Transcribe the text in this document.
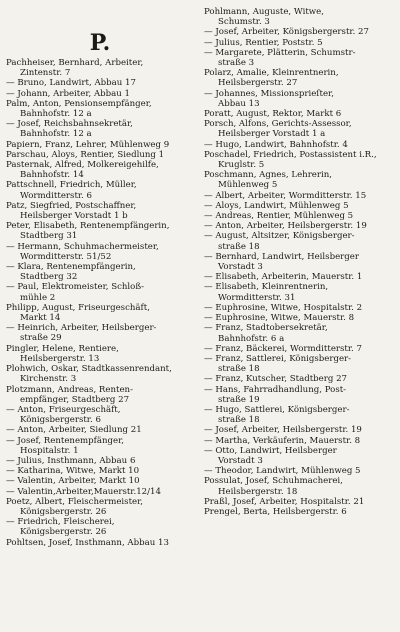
P.
Pachheiser, Bernhard, Arbeiter,
Zintenstr. 7
— Bruno, Landwirt, Abbau 17
— Johann, Arbeiter, Abbau 1
Palm, Anton, Pensionsempfänger,
Bahnhofstr. 12 a
— Josef, Reichsbahnsekretär,
Bahnhofstr. 12 a
Papiern, Franz, Lehrer, Mühlenweg 9
Parschau, Aloys, Rentier, Siedlung 1
Pasternak, Alfred, Molkereigehilfe,
Bahnhofstr. 14
Pattschnell, Friedrich, Müller,
Wormditterstr. 6
Patz, Siegfried, Postschaffner,
Heilsberger Vorstadt 1 b
Peter, Elisabeth, Rentenempfängerin,
Stadtberg 31
— Hermann, Schuhmachermeister,
Wormditterstr. 51/52
— Klara, Rentenempfängerin,
Stadtberg 32
— Paul, Elektromeister, Schloß-
mühle 2
Philipp, August, Friseurgeschäft,
Markt 14
— Heinrich, Arbeiter, Heilsberger-
straße 29
Pingler, Helene, Rentiere,
Heilsbergerstr. 13
Plohwich, Oskar, Stadtkassenrendant,
Kirchenstr. 3
Plotzmann, Andreas, Renten-
empfänger, Stadtberg 27
— Anton, Friseurgeschäft,
Königsbergerstr. 6
— Anton, Arbeiter, Siedlung 21
— Josef, Rentenempfänger,
Hospitalstr. 1
— Julius, Insthmann, Abbau 6
— Katharina, Witwe, Markt 10
— Valentin, Arbeiter, Markt 10
— Valentin,Arbeiter,Mauerstr.12/14
Poetz, Albert, Fleischermeister,
Königsbergerstr. 26
— Friedrich, Fleischerei,
Königsbergerstr. 26
Pohltsen, Josef, Insthmann, Abbau 13
Pohlmann, Auguste, Witwe,
Schumstr. 3
— Josef, Arbeiter, Königsbergerstr. 27
— Julius, Rentier, Poststr. 5
— Margarete, Plätterin, Schumstr-
straße 3
Polarz, Amalie, Kleinrentnerin,
Heilsbergerstr. 27
— Johannes, Missionsprieſter,
Abbau 13
Poratt, August, Rektor, Markt 6
Porsch, Alfons, Gerichts-Assessor,
Heilsberger Vorstadt 1 a
— Hugo, Landwirt, Bahnhofstr. 4
Poschadel, Friedrich, Postassistent i.R.,
Kruglstr. 5
Poschmann, Agnes, Lehrerin,
Mühlenweg 5
— Albert, Arbeiter, Wormditterstr. 15
— Aloys, Landwirt, Mühlenweg 5
— Andreas, Rentier, Mühlenweg 5
— Anton, Arbeiter, Heilsbergerstr. 19
— August, Altsitzer, Königsberger-
straße 18
— Bernhard, Landwirt, Heilsberger
Vorstadt 3
— Elisabeth, Arbeiterin, Mauerstr. 1
— Elisabeth, Kleinrentnerin,
Wormditterstr. 31
— Euphrosine, Witwe, Hospitalstr. 2
— Euphrosine, Witwe, Mauerstr. 8
— Franz, Stadtobersekretär,
Bahnhofstr. 6 a
— Franz, Bäckerei, Wormditterstr. 7
— Franz, Sattlerei, Königsberger-
straße 18
— Franz, Kutscher, Stadtberg 27
— Hans, Fahrradhandlung, Post-
straße 19
— Hugo, Sattlerei, Königsberger-
straße 18
— Josef, Arbeiter, Heilsbergerstr. 19
— Martha, Verkäuferin, Mauerstr. 8
— Otto, Landwirt, Heilsberger
Vorstadt 3
— Theodor, Landwirt, Mühlenweg 5
Possulat, Josef, Schuhmacherei,
Heilsbergerstr. 18
Praßl, Josef, Arbeiter, Hospitalstr. 21
Prengel, Berta, Heilsbergerstr. 6
